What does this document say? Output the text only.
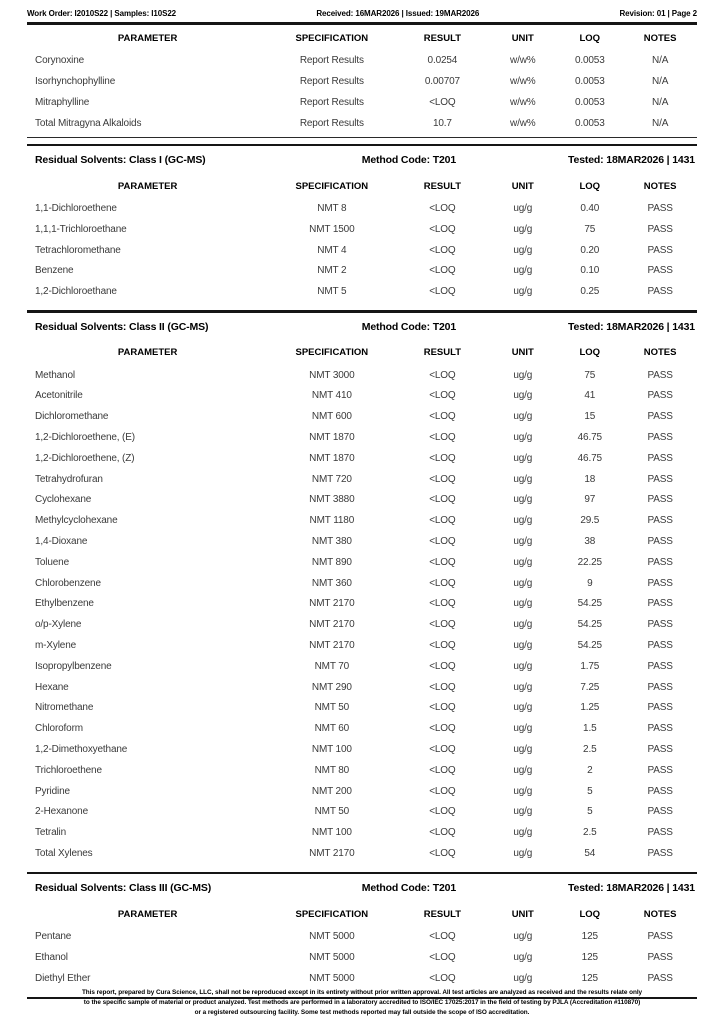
Work Order: I2010S22 | Samples: I10S22	Received: 16MAR2026 | Issued: 19MAR2026	Revision: 01 | Page 2
PARAMETER	SPECIFICATION	RESULT	UNIT	LOQ	NOTES
Corynoxine	Report Results	0.0254	w/w%	0.0053	N/A
Isorhynchophylline	Report Results	0.00707	w/w%	0.0053	N/A
Mitraphylline	Report Results	<LOQ	w/w%	0.0053	N/A
Total Mitragyna Alkaloids	Report Results	10.7	w/w%	0.0053	N/A
Residual Solvents: Class I (GC-MS)	Method Code: T201	Tested: 18MAR2026 | 1431
PARAMETER	SPECIFICATION	RESULT	UNIT	LOQ	NOTES
1,1-Dichloroethene	NMT 8	<LOQ	ug/g	0.40	PASS
1,1,1-Trichloroethane	NMT 1500	<LOQ	ug/g	75	PASS
Tetrachloromethane	NMT 4	<LOQ	ug/g	0.20	PASS
Benzene	NMT 2	<LOQ	ug/g	0.10	PASS
1,2-Dichloroethane	NMT 5	<LOQ	ug/g	0.25	PASS
Residual Solvents: Class II (GC-MS)	Method Code: T201	Tested: 18MAR2026 | 1431
PARAMETER	SPECIFICATION	RESULT	UNIT	LOQ	NOTES
Methanol	NMT 3000	<LOQ	ug/g	75	PASS
Acetonitrile	NMT 410	<LOQ	ug/g	41	PASS
Dichloromethane	NMT 600	<LOQ	ug/g	15	PASS
1,2-Dichloroethene, (E)	NMT 1870	<LOQ	ug/g	46.75	PASS
1,2-Dichloroethene, (Z)	NMT 1870	<LOQ	ug/g	46.75	PASS
Tetrahydrofuran	NMT 720	<LOQ	ug/g	18	PASS
Cyclohexane	NMT 3880	<LOQ	ug/g	97	PASS
Methylcyclohexane	NMT 1180	<LOQ	ug/g	29.5	PASS
1,4-Dioxane	NMT 380	<LOQ	ug/g	38	PASS
Toluene	NMT 890	<LOQ	ug/g	22.25	PASS
Chlorobenzene	NMT 360	<LOQ	ug/g	9	PASS
Ethylbenzene	NMT 2170	<LOQ	ug/g	54.25	PASS
o/p-Xylene	NMT 2170	<LOQ	ug/g	54.25	PASS
m-Xylene	NMT 2170	<LOQ	ug/g	54.25	PASS
Isopropylbenzene	NMT 70	<LOQ	ug/g	1.75	PASS
Hexane	NMT 290	<LOQ	ug/g	7.25	PASS
Nitromethane	NMT 50	<LOQ	ug/g	1.25	PASS
Chloroform	NMT 60	<LOQ	ug/g	1.5	PASS
1,2-Dimethoxyethane	NMT 100	<LOQ	ug/g	2.5	PASS
Trichloroethene	NMT 80	<LOQ	ug/g	2	PASS
Pyridine	NMT 200	<LOQ	ug/g	5	PASS
2-Hexanone	NMT 50	<LOQ	ug/g	5	PASS
Tetralin	NMT 100	<LOQ	ug/g	2.5	PASS
Total Xylenes	NMT 2170	<LOQ	ug/g	54	PASS
Residual Solvents: Class III (GC-MS)	Method Code: T201	Tested: 18MAR2026 | 1431
PARAMETER	SPECIFICATION	RESULT	UNIT	LOQ	NOTES
Pentane	NMT 5000	<LOQ	ug/g	125	PASS
Ethanol	NMT 5000	<LOQ	ug/g	125	PASS
Diethyl Ether	NMT 5000	<LOQ	ug/g	125	PASS
This report, prepared by Cura Science, LLC, shall not be reproduced except in its entirety without prior written approval. All test articles are analyzed as received and the results relate only
to the specific sample of material or product analyzed. Test methods are performed in a laboratory accredited to ISO/IEC 17025:2017 in the field of testing by PJLA (Accreditation #110870)
or a registered outsourcing facility. Some test methods reported may fall outside the scope of ISO accreditation.
